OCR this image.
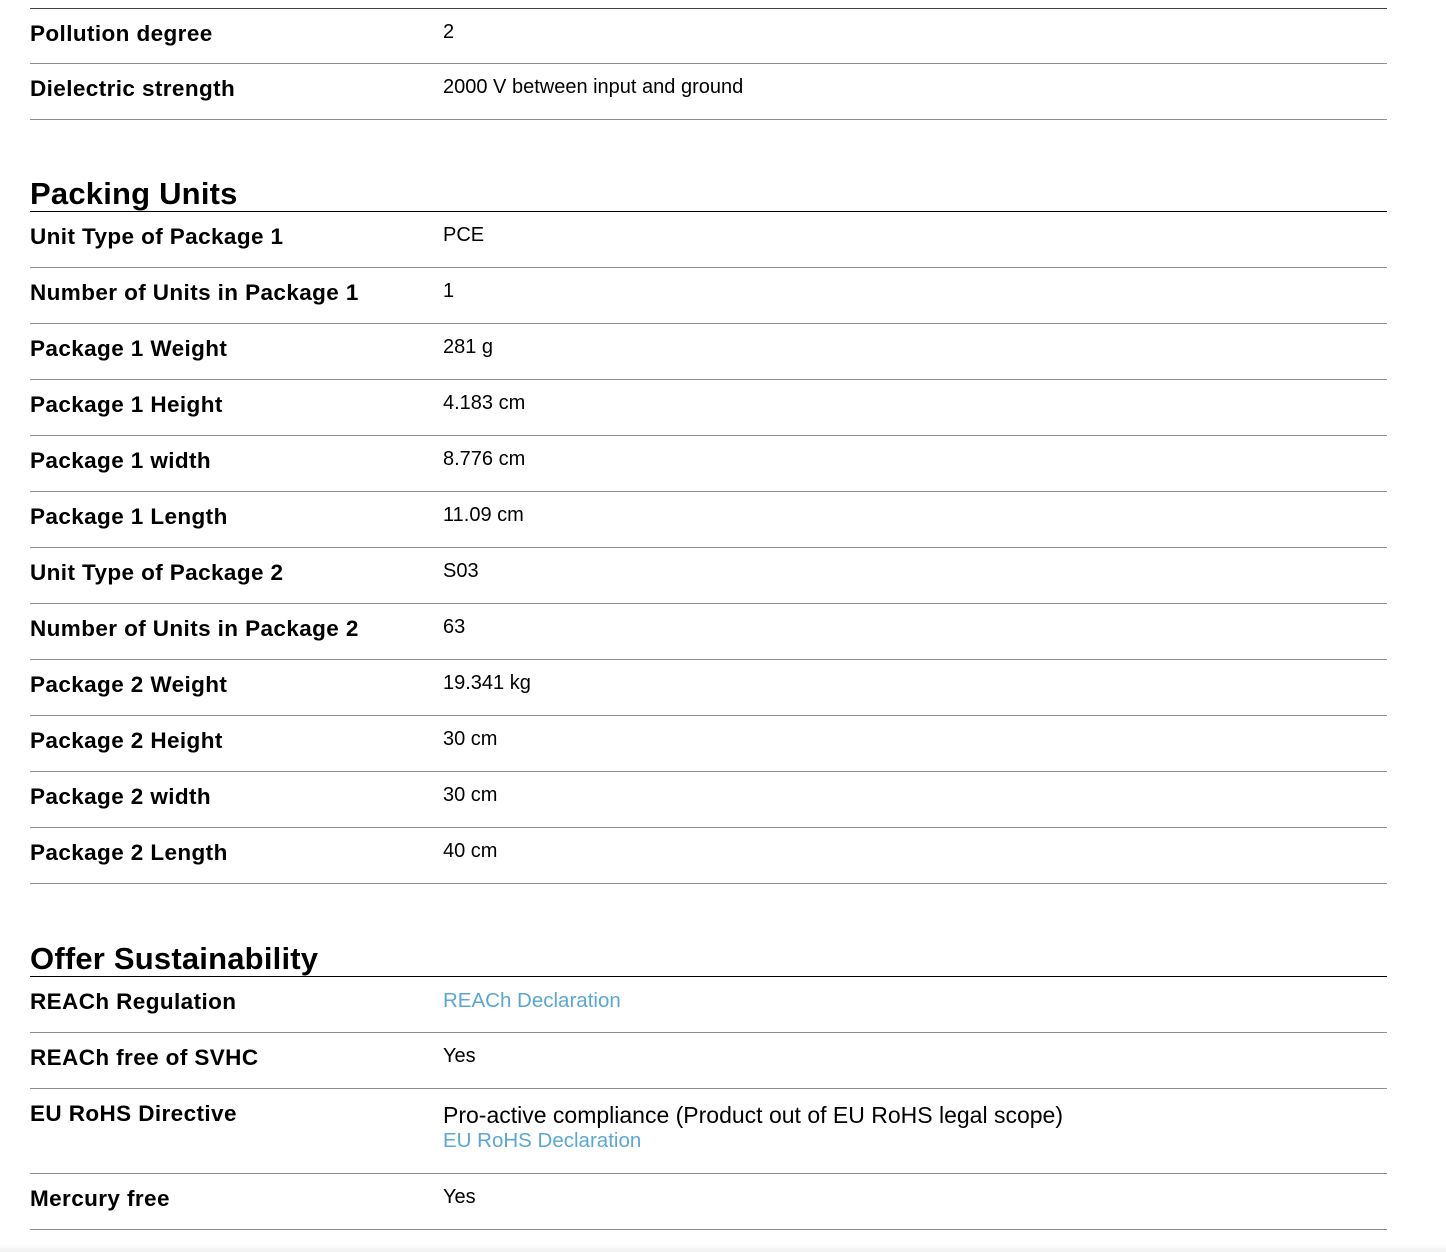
Pollution degree	2
Dielectric strength	2000 V between input and ground
Packing Units
Unit Type of Package 1	PCE
Number of Units in Package 1	1
Package 1 Weight	281 g
Package 1 Height	4.183 cm
Package 1 width	8.776 cm
Package 1 Length	11.09 cm
Unit Type of Package 2	S03
Number of Units in Package 2	63
Package 2 Weight	19.341 kg
Package 2 Height	30 cm
Package 2 width	30 cm
Package 2 Length	40 cm
Offer Sustainability
REACh Regulation	REACh Declaration
REACh free of SVHC	Yes
EU RoHS Directive	Pro-active compliance (Product out of EU RoHS legal scope)
EU RoHS Declaration
Mercury free	Yes
